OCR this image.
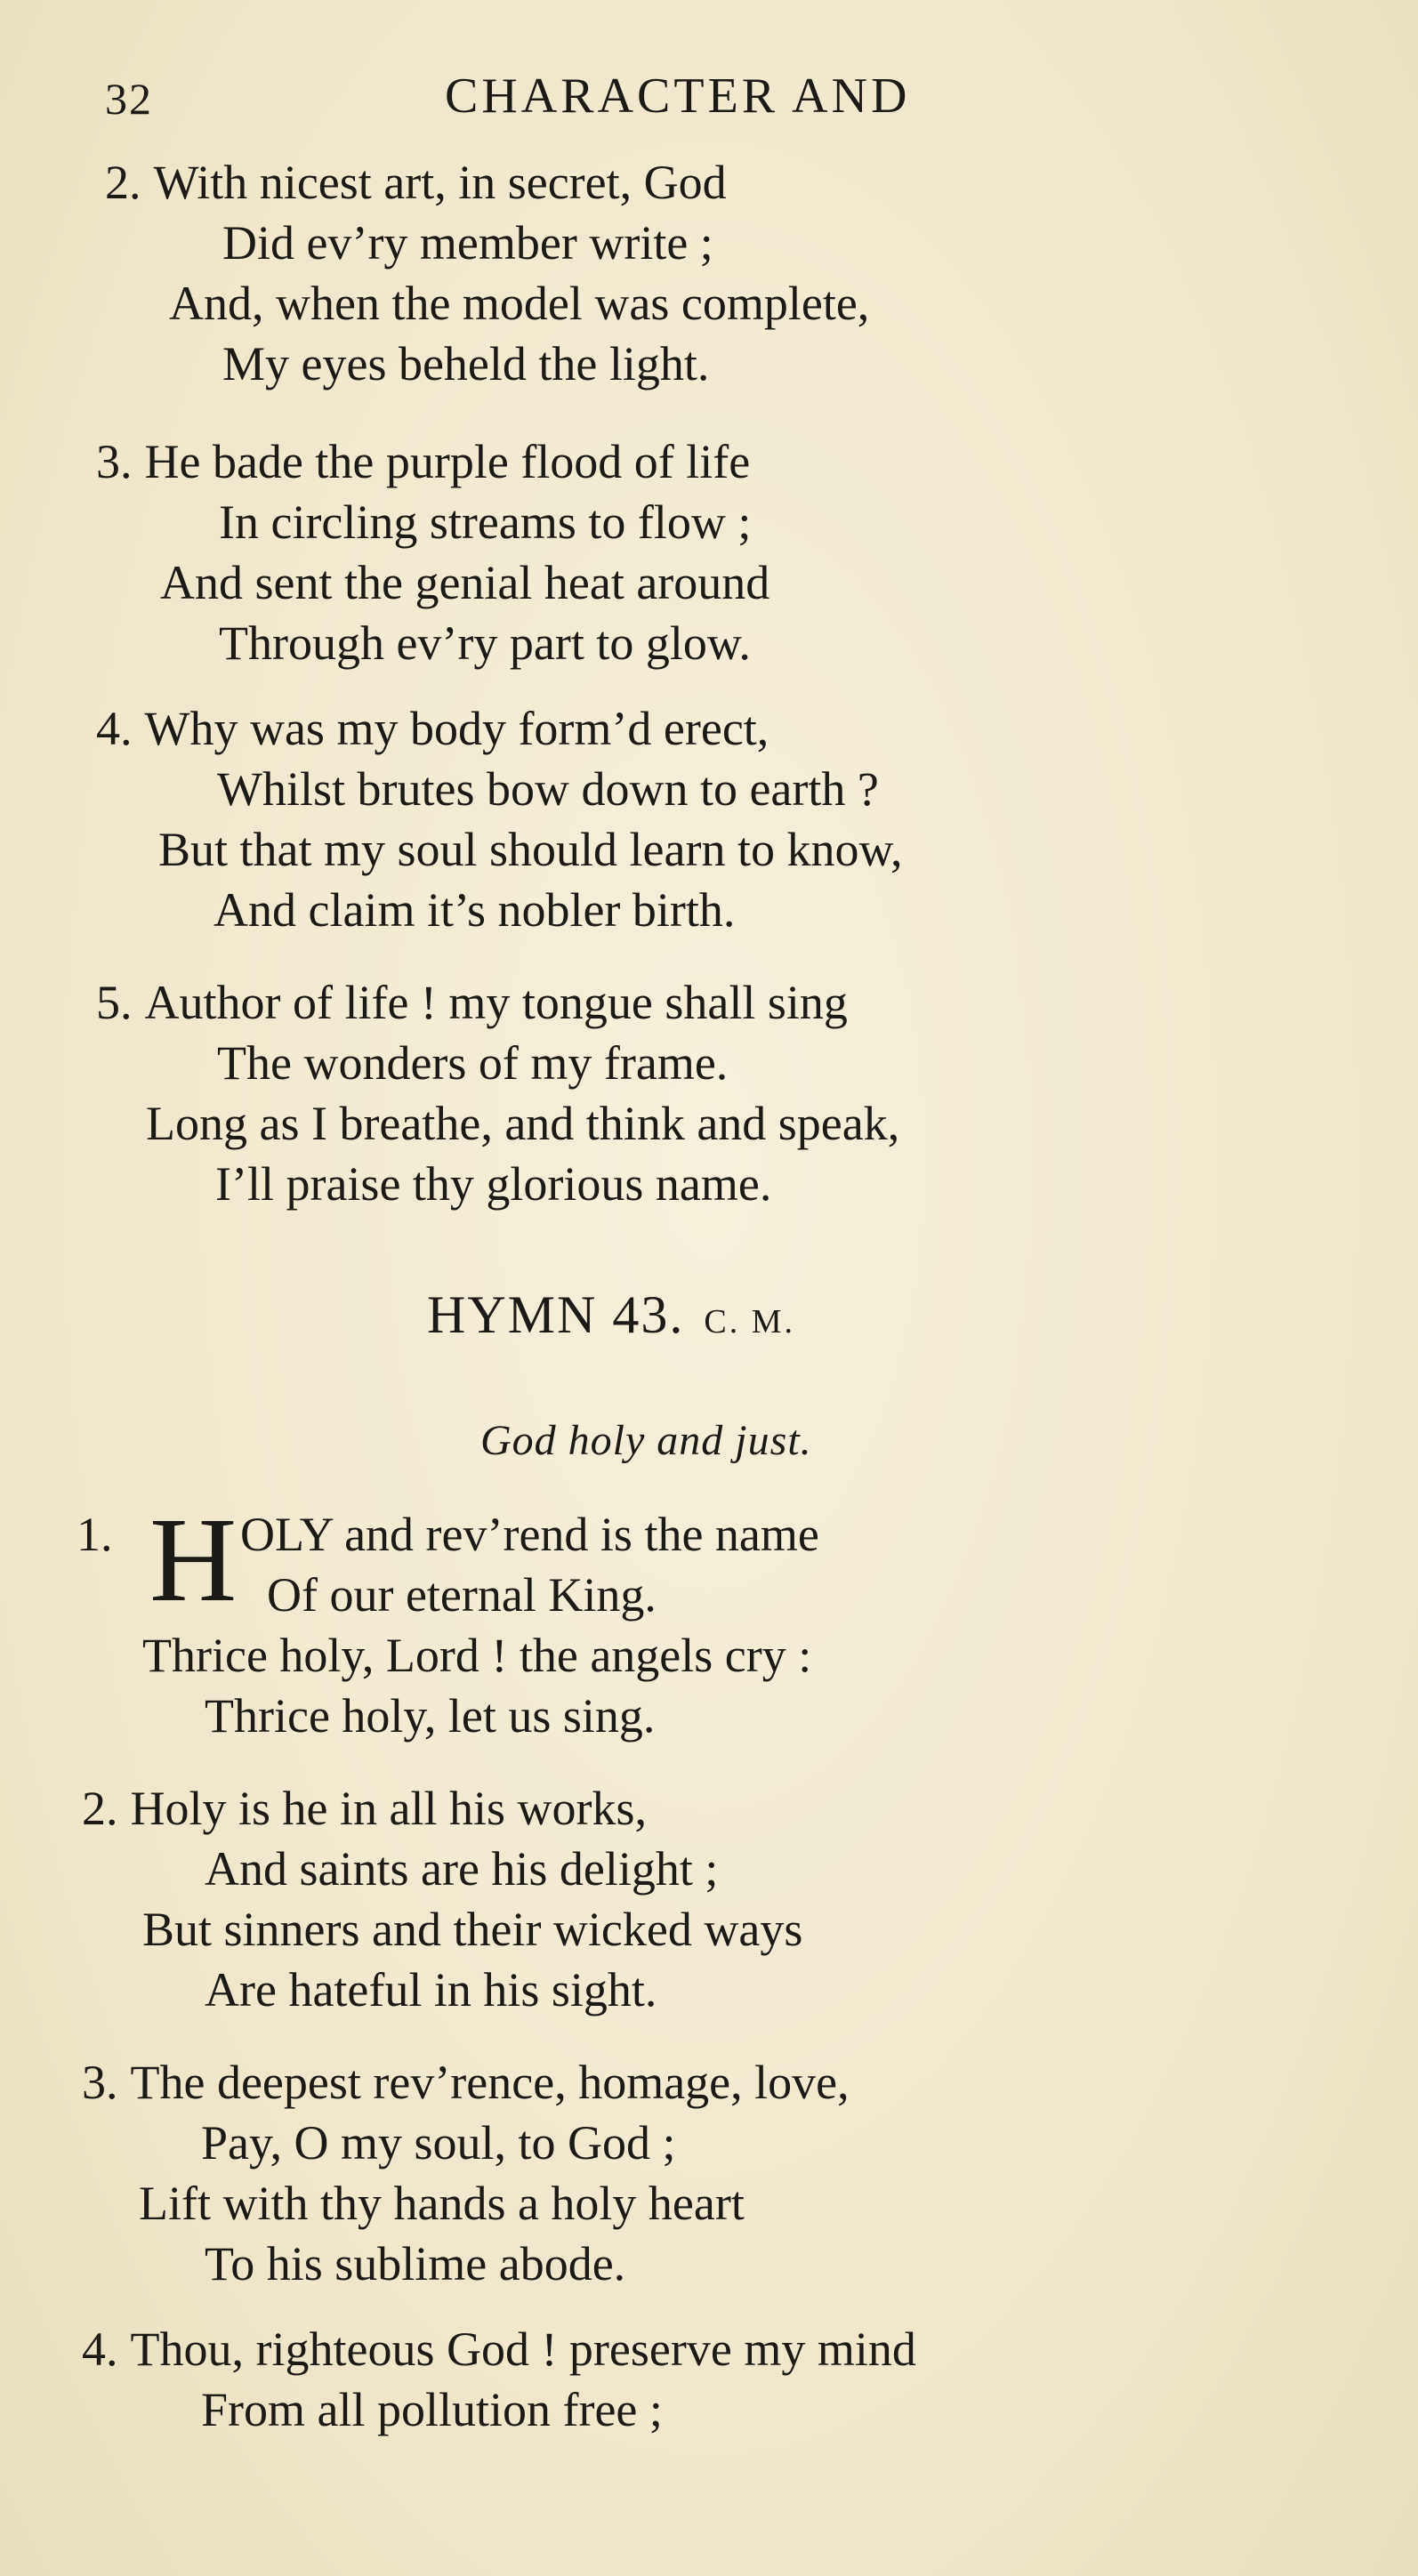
32	CHARACTER AND
2. With nicest art, in secret, God
Did ev’ry member write ;
And, when the model was complete,
My eyes beheld the light.
3. He bade the purple flood of life
In circling streams to flow ;
And sent the genial heat around
Through ev’ry part to glow.
4. Why was my body form’d erect,
Whilst brutes bow down to earth ?
But that my soul should learn to know,
And claim it’s nobler birth.
5. Author of life ! my tongue shall sing
The wonders of my frame.
Long as I breathe, and think and speak,
I’ll praise thy glorious name.
HYMN 43. C. M.
God holy and just.
1. H OLY and rev’rend is the name
Of our eternal King.
Thrice holy, Lord ! the angels cry :
Thrice holy, let us sing.
2. Holy is he in all his works,
And saints are his delight ;
But sinners and their wicked ways
Are hateful in his sight.
3. The deepest rev’rence, homage, love,
Pay, O my soul, to God ;
Lift with thy hands a holy heart
To his sublime abode.
4. Thou, righteous God ! preserve my mind
From all pollution free ;
